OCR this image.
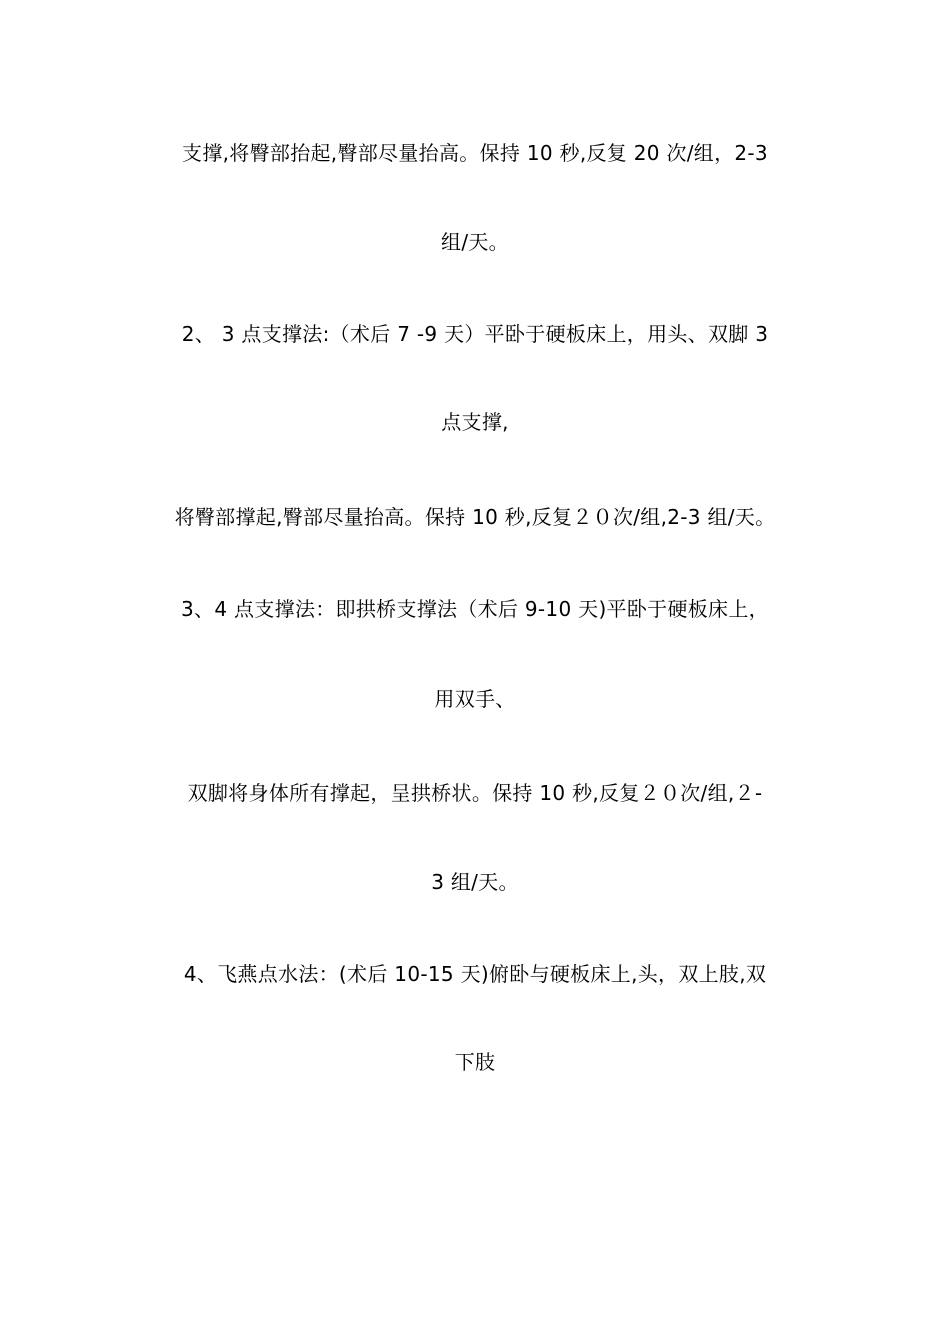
支撑,将臀部抬起,臀部尽量抬高。保持 10 秒,反复 20 次/组，2-3
组/天。
2、 3 点支撑法:（术后 7 -9 天）平卧于硬板床上，用头、双脚 3
点支撑,
将臀部撑起,臀部尽量抬高。保持 10 秒,反复２０次/组,2-3 组/天。
3、4 点支撑法：即拱桥支撑法（术后 9-10 天)平卧于硬板床上，
用双手、
双脚将身体所有撑起，呈拱桥状。保持 10 秒,反复２０次/组,２-
3 组/天。
4、飞燕点水法：(术后 10-15 天)俯卧与硬板床上,头，双上肢,双
下肢
